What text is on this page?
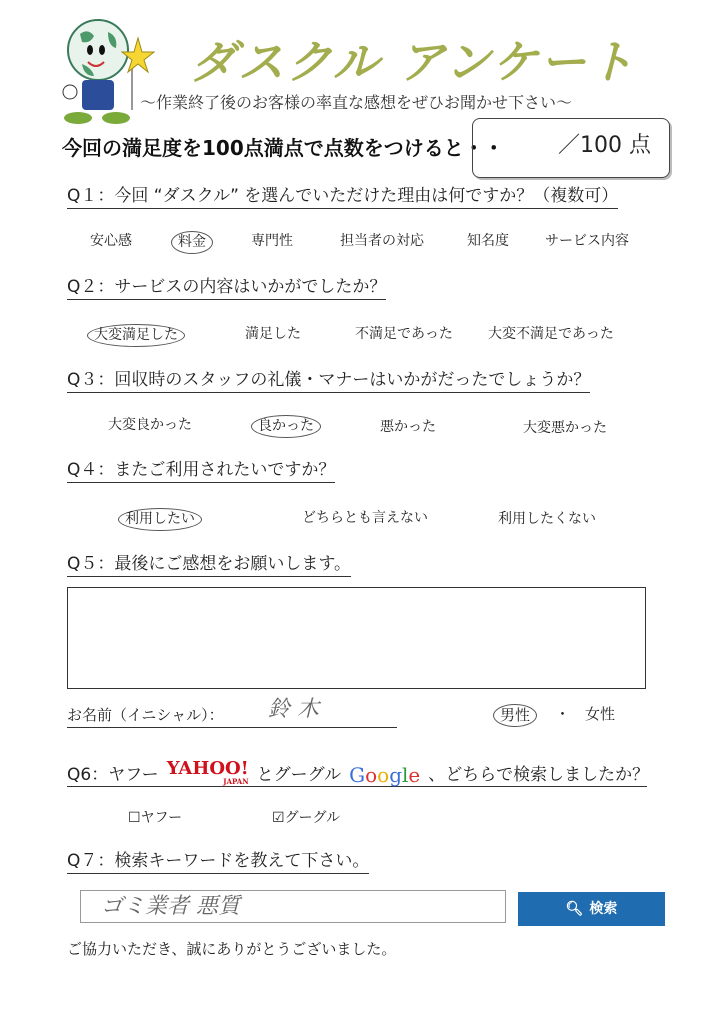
ダスクル アンケート
〜作業終了後のお客様の率直な感想をぜひお聞かせ下さい〜
今回の満足度を100点満点で点数をつけると・・ ／100 点
Q１：今回 “ダスクル” を選んでいただけた理由は何ですか？（複数可）
安心感	料金	専門性	担当者の対応	知名度	サービス内容
Q２：サービスの内容はいかがでしたか？
大変満足した	満足した	不満足であった	大変不満足であった
Q３：回収時のスタッフの礼儀・マナーはいかがだったでしょうか？
大変良かった	良かった	悪かった	大変悪かった
Q４：またご利用されたいですか？
利用したい	どちらとも言えない	利用したくない
Q５：最後にご感想をお願いします。
お名前（イニシャル）： 鈴 木	男性	・ 女性
Q6：ヤフー YAHOO!
JAPAN とグーグル Google 、どちらで検索しましたか？
☐ヤフー	☑グーグル
Q７：検索キーワードを教えて下さい。
ゴミ業者 悪質	🔍︎ 検索
ご協力いただき、誠にありがとうございました。
